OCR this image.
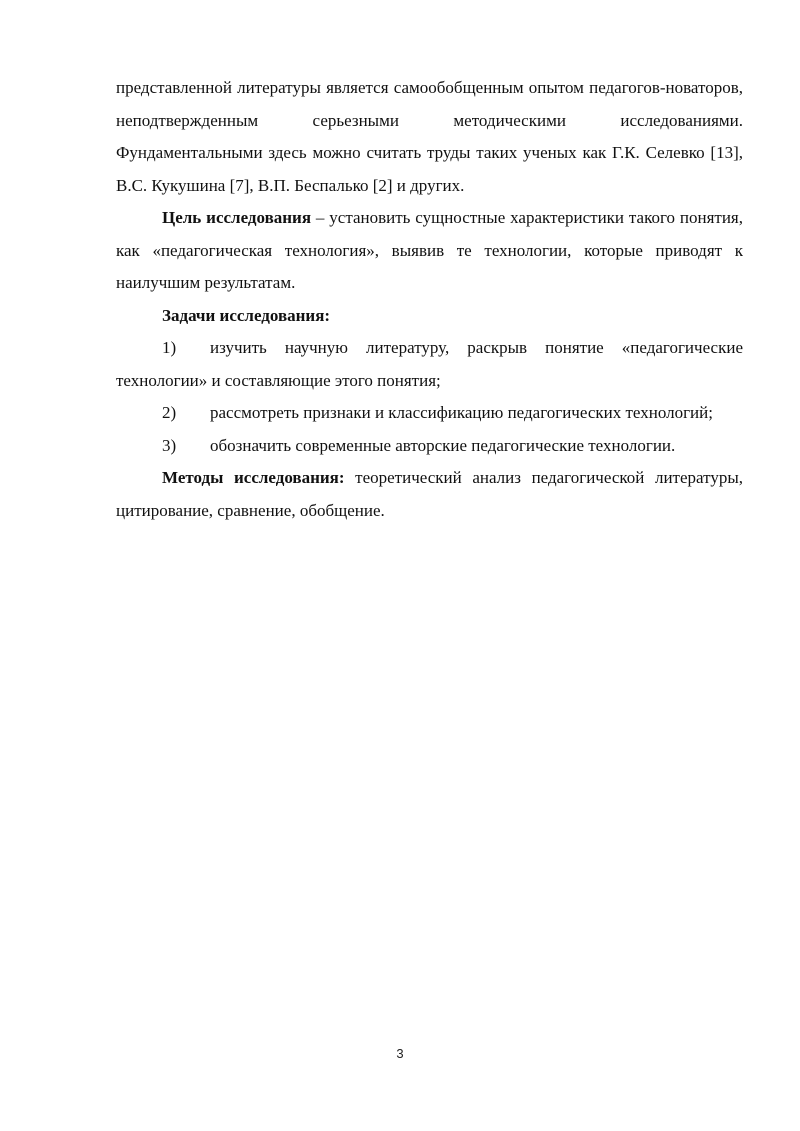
представленной литературы является самообобщенным опытом педагогов-новаторов, неподтвержденным серьезными методическими исследованиями. Фундаментальными здесь можно считать труды таких ученых как Г.К. Селевко [13], В.С. Кукушина [7], В.П. Беспалько [2] и других.

Цель исследования – установить сущностные характеристики такого понятия, как «педагогическая технология», выявив те технологии, которые приводят к наилучшим результатам.

Задачи исследования:

1) изучить научную литературу, раскрыв понятие «педагогические технологии» и составляющие этого понятия;

2) рассмотреть признаки и классификацию педагогических технологий;

3) обозначить современные авторские педагогические технологии.

Методы исследования: теоретический анализ педагогической литературы, цитирование, сравнение, обобщение.

3
